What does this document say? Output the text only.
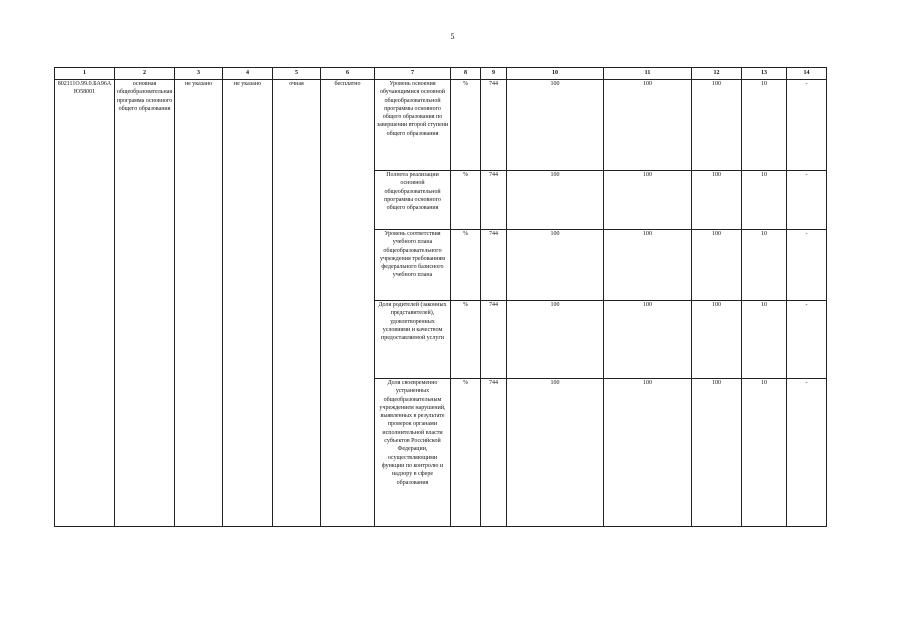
5
1	2	3	4	5	6	7	8	9	10	11	12	13	14
802111О.99.0.БА96АЮ58001	основная общеобразовательная программа основного общего образования	не указано	не указано	очная	бесплатно	Уровень освоения обучающимися основной общеобразовательной программы основного общего образования по завершении второй ступени общего образования	%	744	100	100	100	10	-
						Полнота реализации основной общеобразовательной программы основного общего образования	%	744	100	100	100	10	-
						Уровень соответствия учебного плана общеобразовательного учреждения требованиям федерального базисного учебного плана	%	744	100	100	100	10	-
						Доля родителей (законных представителей), удовлетворенных условиями и качеством предоставляемой услуги	%	744	100	100	100	10	-
						Доля своевременно устраненных общеобразовательным учреждением нарушений, выявленных в результате проверок органами исполнительной власти субъектов Российской Федерации, осуществляющими функции по контролю и надзору в сфере образования	%	744	100	100	100	10	-
